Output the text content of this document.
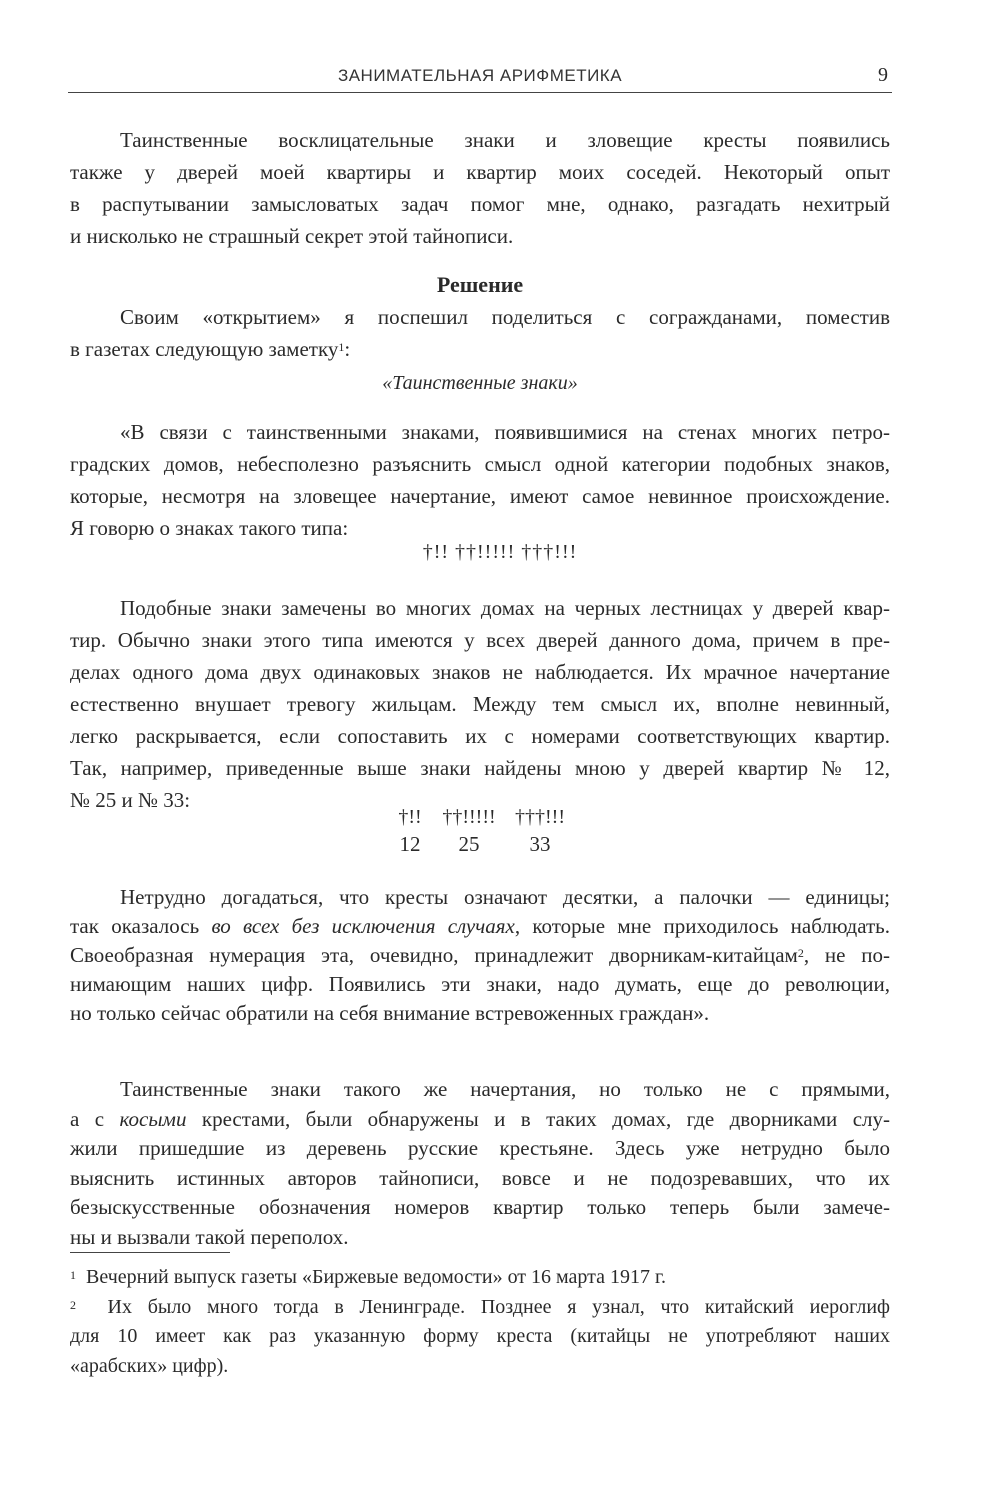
ЗАНИМАТЕЛЬНАЯ АРИФМЕТИКА	9
Таинственные восклицательные знаки и зловещие кресты появились
также у дверей моей квартиры и квартир моих соседей. Некоторый опыт
в распутывании замысловатых задач помог мне, однако, разгадать нехитрый
и нисколько не страшный секрет этой тайнописи.
Решение
Своим «открытием» я поспешил поделиться с согражданами, поместив
в газетах следующую заметку$^1$:
«Таинственные знаки»
«В связи с таинственными знаками, появившимися на стенах многих петро-
градских домов, небесполезно разъяснить смысл одной категории подобных знаков,
которые, несмотря на зловещее начертание, имеют самое невинное происхождение.
Я говорю о знаках такого типа:
†!! ††!!!!! †††!!!
Подобные знаки замечены во многих домах на черных лестницах у дверей квар-
тир. Обычно знаки этого типа имеются у всех дверей данного дома, причем в пре-
делах одного дома двух одинаковых знаков не наблюдается. Их мрачное начертание
естественно внушает тревогу жильцам. Между тем смысл их, вполне невинный,
легко раскрывается, если сопоставить их с номерами соответствующих квартир.
Так, например, приведенные выше знаки найдены мною у дверей квартир № 12,
№ 25 и № 33:
†!!	††!!!!! †††!!!
12	25	33
Нетрудно догадаться, что кресты означают десятки, а палочки — единицы;
так оказалось во всех без исключения случаях, которые мне приходилось наблюдать.
Своеобразная нумерация эта, очевидно, принадлежит дворникам-китайцам$^2$, не по-
нимающим наших цифр. Появились эти знаки, надо думать, еще до революции,
но только сейчас обратили на себя внимание встревоженных граждан».
Таинственные знаки такого же начертания, но только не с прямыми,
а с косыми крестами, были обнаружены и в таких домах, где дворниками слу-
жили пришедшие из деревень русские крестьяне. Здесь уже нетрудно было
выяснить истинных авторов тайнописи, вовсе и не подозревавших, что их
безыскусственные обозначения номеров квартир только теперь были замече-
ны и вызвали такой переполох.
$^1$  Вечерний выпуск газеты «Биржевые ведомости» от 16 марта 1917 г.
$^2$  Их было много тогда в Ленинграде. Позднее я узнал, что китайский иероглиф
для 10 имеет как раз указанную форму креста (китайцы не употребляют наших
«арабских» цифр).
